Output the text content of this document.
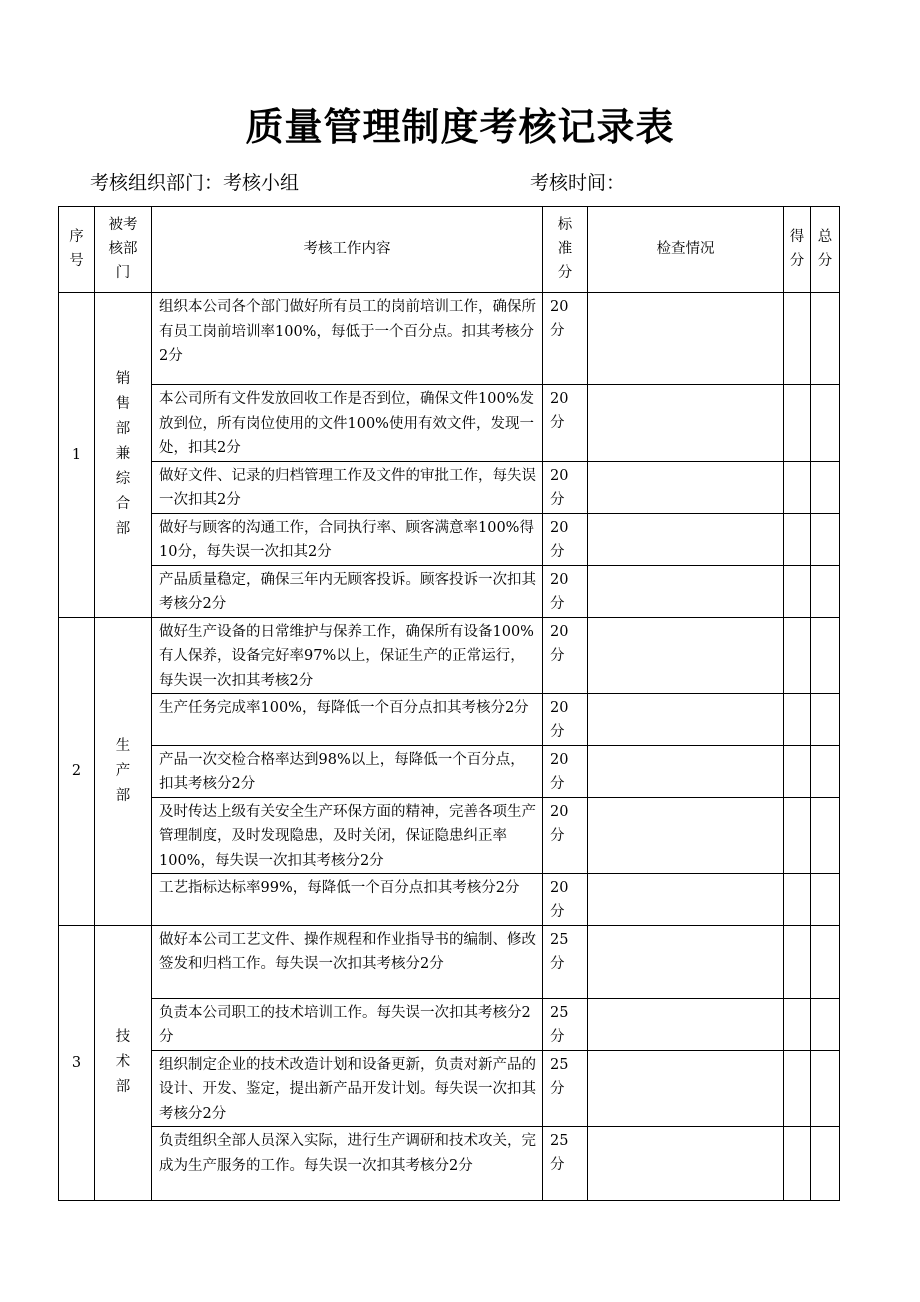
质量管理制度考核记录表
考核组织部门：考核小组	考核时间：
序号	被考核部门	考核工作内容	标准分	检查情况	得分	总分
1	销售部兼综合部	组织本公司各个部门做好所有员工的岗前培训工作，确保所有员工岗前培训率100%，每低于一个百分点。扣其考核分2分	20分			
		本公司所有文件发放回收工作是否到位，确保文件100%发放到位，所有岗位使用的文件100%使用有效文件，发现一处，扣其2分	20分			
		做好文件、记录的归档管理工作及文件的审批工作，每失误一次扣其2分	20分			
		做好与顾客的沟通工作，合同执行率、顾客满意率100%得10分，每失误一次扣其2分	20分			
		产品质量稳定，确保三年内无顾客投诉。顾客投诉一次扣其考核分2分	20分			
2	生产部	做好生产设备的日常维护与保养工作，确保所有设备100%有人保养，设备完好率97%以上，保证生产的正常运行，每失误一次扣其考核2分	20分			
		生产任务完成率100%，每降低一个百分点扣其考核分2分	20分			
		产品一次交检合格率达到98%以上，每降低一个百分点，扣其考核分2分	20分			
		及时传达上级有关安全生产环保方面的精神，完善各项生产管理制度，及时发现隐患，及时关闭，保证隐患纠正率100%，每失误一次扣其考核分2分	20分			
		工艺指标达标率99%，每降低一个百分点扣其考核分2分	20分			
3	技术部	做好本公司工艺文件、操作规程和作业指导书的编制、修改签发和归档工作。每失误一次扣其考核分2分	25分			
		负责本公司职工的技术培训工作。每失误一次扣其考核分2分	25分			
		组织制定企业的技术改造计划和设备更新，负责对新产品的设计、开发、鉴定，提出新产品开发计划。每失误一次扣其考核分2分	25分			
		负责组织全部人员深入实际，进行生产调研和技术攻关，完成为生产服务的工作。每失误一次扣其考核分2分	25分			
